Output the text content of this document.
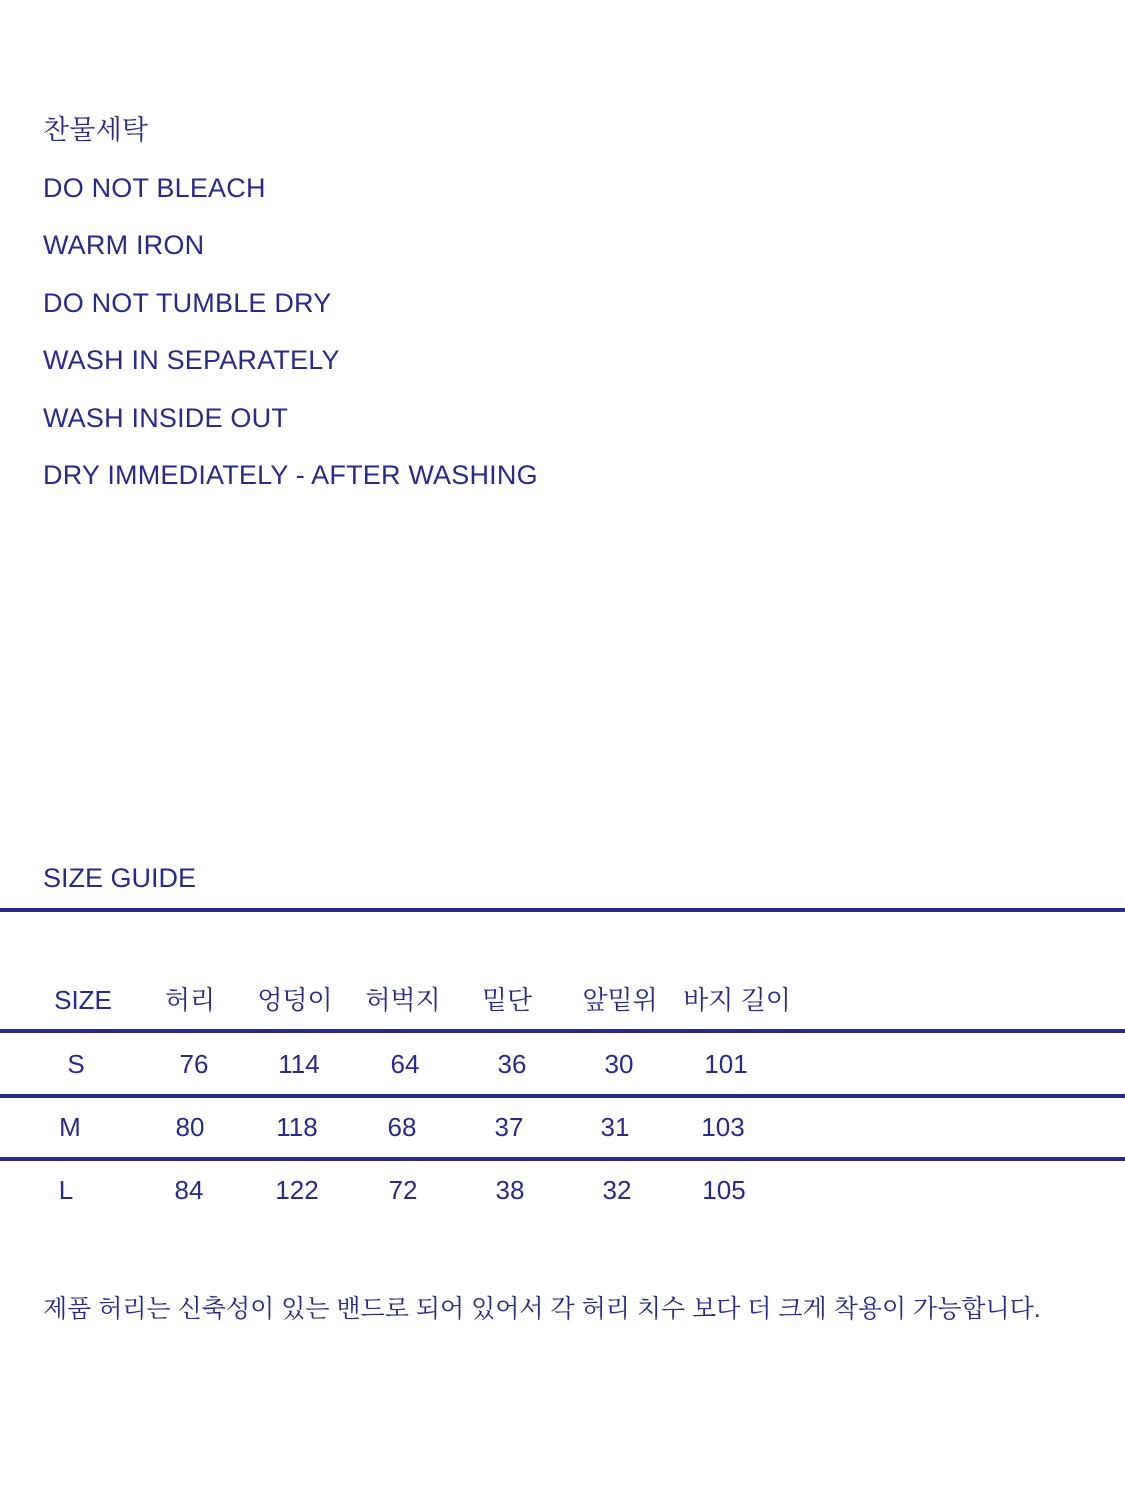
찬물세탁
DO NOT BLEACH
WARM IRON
DO NOT TUMBLE DRY
WASH IN SEPARATELY
WASH INSIDE OUT
DRY IMMEDIATELY - AFTER WASHING
SIZE GUIDE
SIZE 허리 엉덩이 허벅지 밑단 앞밑위 바지 길이
S	76	114	64	36	30	101
M	80	118	68	37	31	103
L	84	122	72	38	32	105
제품 허리는 신축성이 있는 밴드로 되어 있어서 각 허리 치수 보다 더 크게 착용이 가능합니다.
